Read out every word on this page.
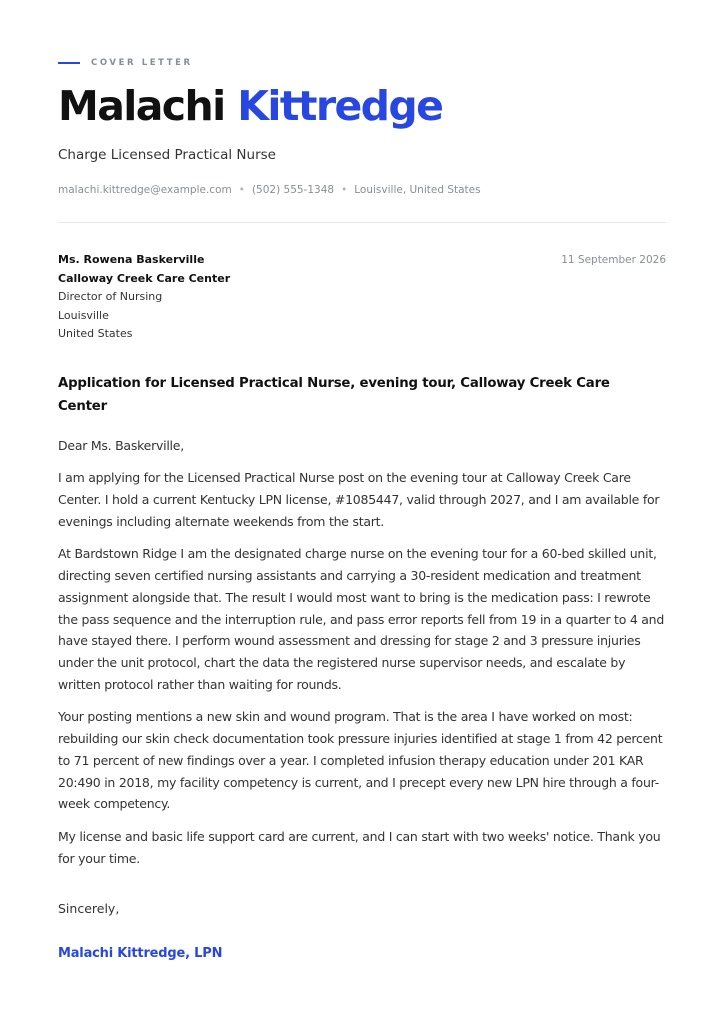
COVER LETTER
Malachi Kittredge
Charge Licensed Practical Nurse
malachi.kittredge@example.com • (502) 555-1348 • Louisville, United States
Ms. Rowena Baskerville
Calloway Creek Care Center
Director of Nursing
Louisville
United States
11 September 2026
Application for Licensed Practical Nurse, evening tour, Calloway Creek Care Center

Dear Ms. Baskerville,

I am applying for the Licensed Practical Nurse post on the evening tour at Calloway Creek Care Center. I hold a current Kentucky LPN license, #1085447, valid through 2027, and I am available for evenings including alternate weekends from the start.

At Bardstown Ridge I am the designated charge nurse on the evening tour for a 60-bed skilled unit, directing seven certified nursing assistants and carrying a 30-resident medication and treatment assignment alongside that. The result I would most want to bring is the medication pass: I rewrote the pass sequence and the interruption rule, and pass error reports fell from 19 in a quarter to 4 and have stayed there. I perform wound assessment and dressing for stage 2 and 3 pressure injuries under the unit protocol, chart the data the registered nurse supervisor needs, and escalate by written protocol rather than waiting for rounds.

Your posting mentions a new skin and wound program. That is the area I have worked on most: rebuilding our skin check documentation took pressure injuries identified at stage 1 from 42 percent to 71 percent of new findings over a year. I completed infusion therapy education under 201 KAR 20:490 in 2018, my facility competency is current, and I precept every new LPN hire through a four-week competency.

My license and basic life support card are current, and I can start with two weeks' notice. Thank you for your time.

Sincerely,
Malachi Kittredge, LPN
